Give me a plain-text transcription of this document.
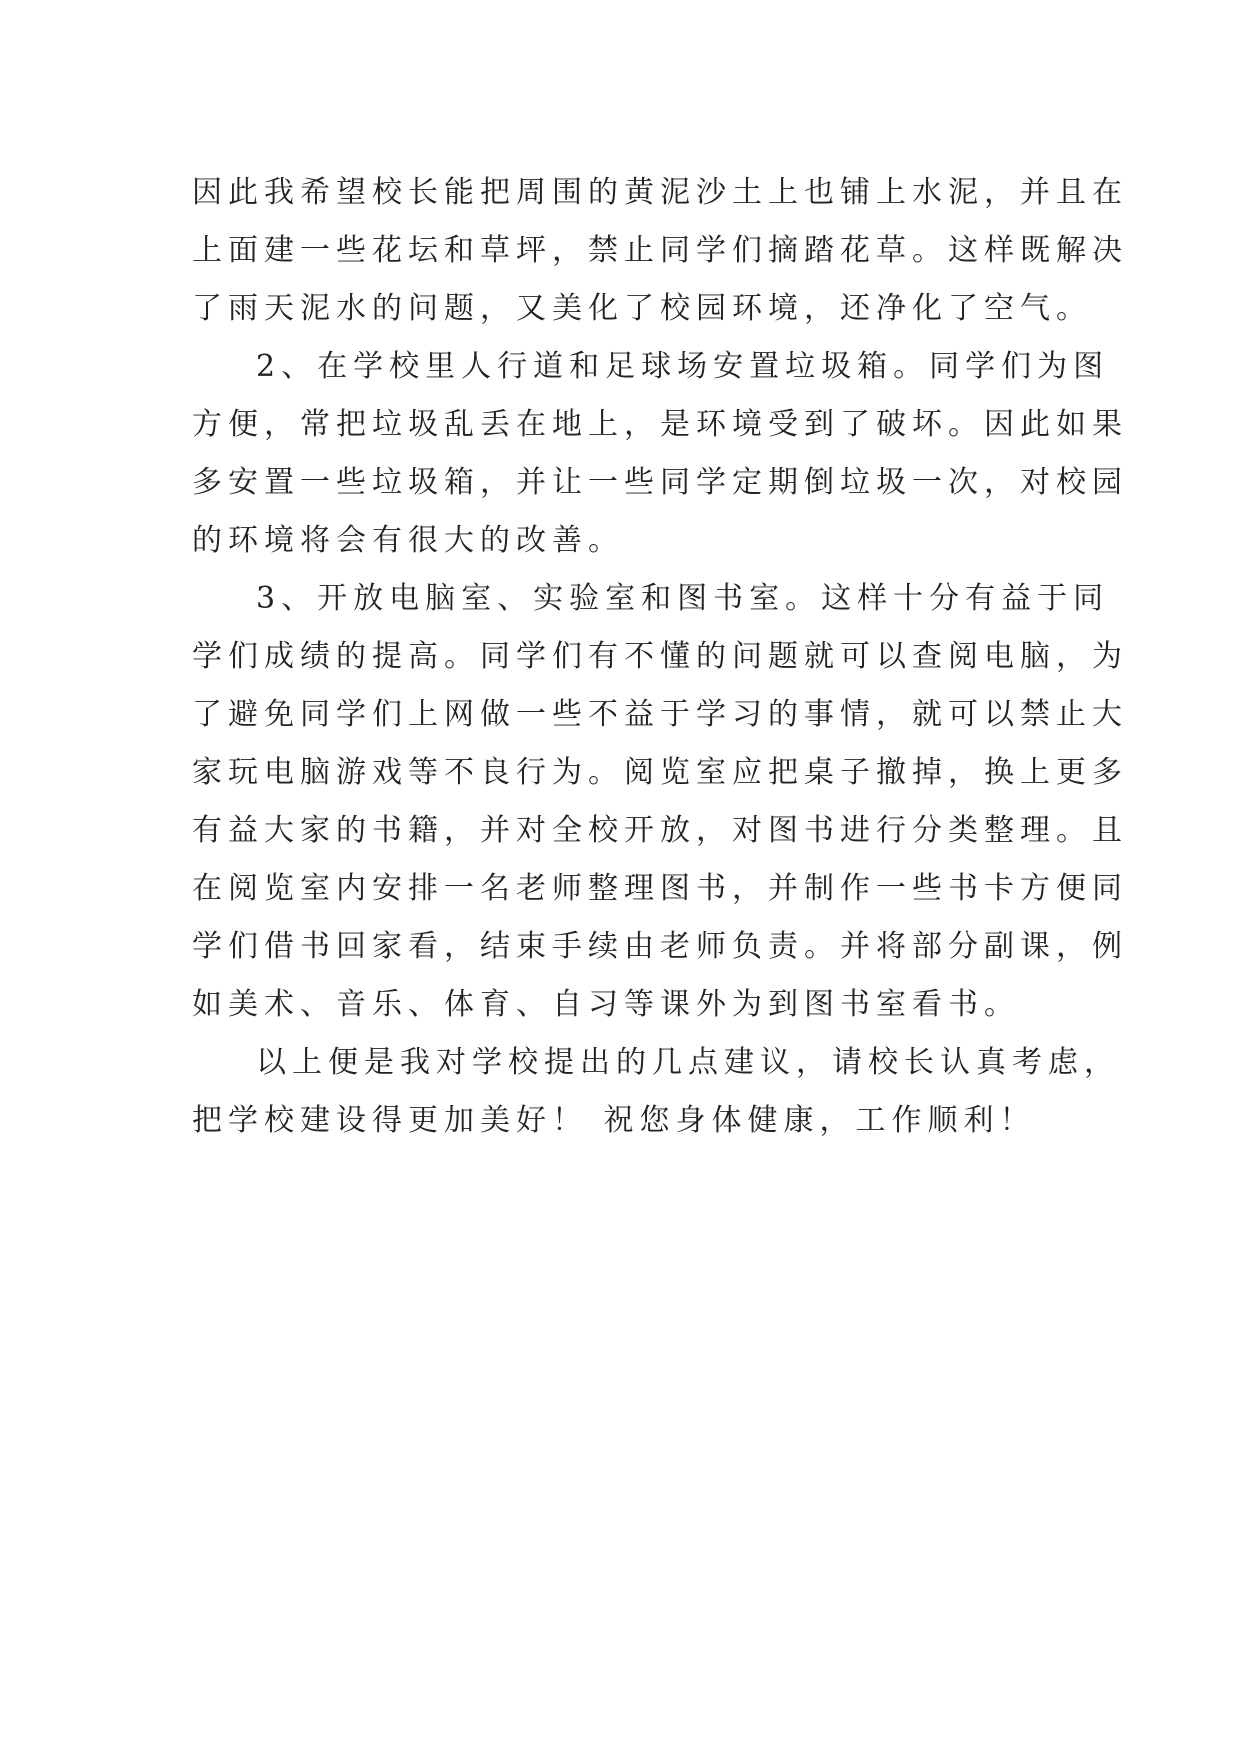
因此我希望校长能把周围的黄泥沙土上也铺上水泥，并且在
上面建一些花坛和草坪，禁止同学们摘踏花草。这样既解决
了雨天泥水的问题，又美化了校园环境，还净化了空气。
2、在学校里人行道和足球场安置垃圾箱。同学们为图
方便，常把垃圾乱丢在地上，是环境受到了破坏。因此如果
多安置一些垃圾箱，并让一些同学定期倒垃圾一次，对校园
的环境将会有很大的改善。
3、开放电脑室、实验室和图书室。这样十分有益于同
学们成绩的提高。同学们有不懂的问题就可以查阅电脑，为
了避免同学们上网做一些不益于学习的事情，就可以禁止大
家玩电脑游戏等不良行为。阅览室应把桌子撤掉，换上更多
有益大家的书籍，并对全校开放，对图书进行分类整理。且
在阅览室内安排一名老师整理图书，并制作一些书卡方便同
学们借书回家看，结束手续由老师负责。并将部分副课，例
如美术、音乐、体育、自习等课外为到图书室看书。
以上便是我对学校提出的几点建议，请校长认真考虑，
把学校建设得更加美好！ 祝您身体健康，工作顺利！
